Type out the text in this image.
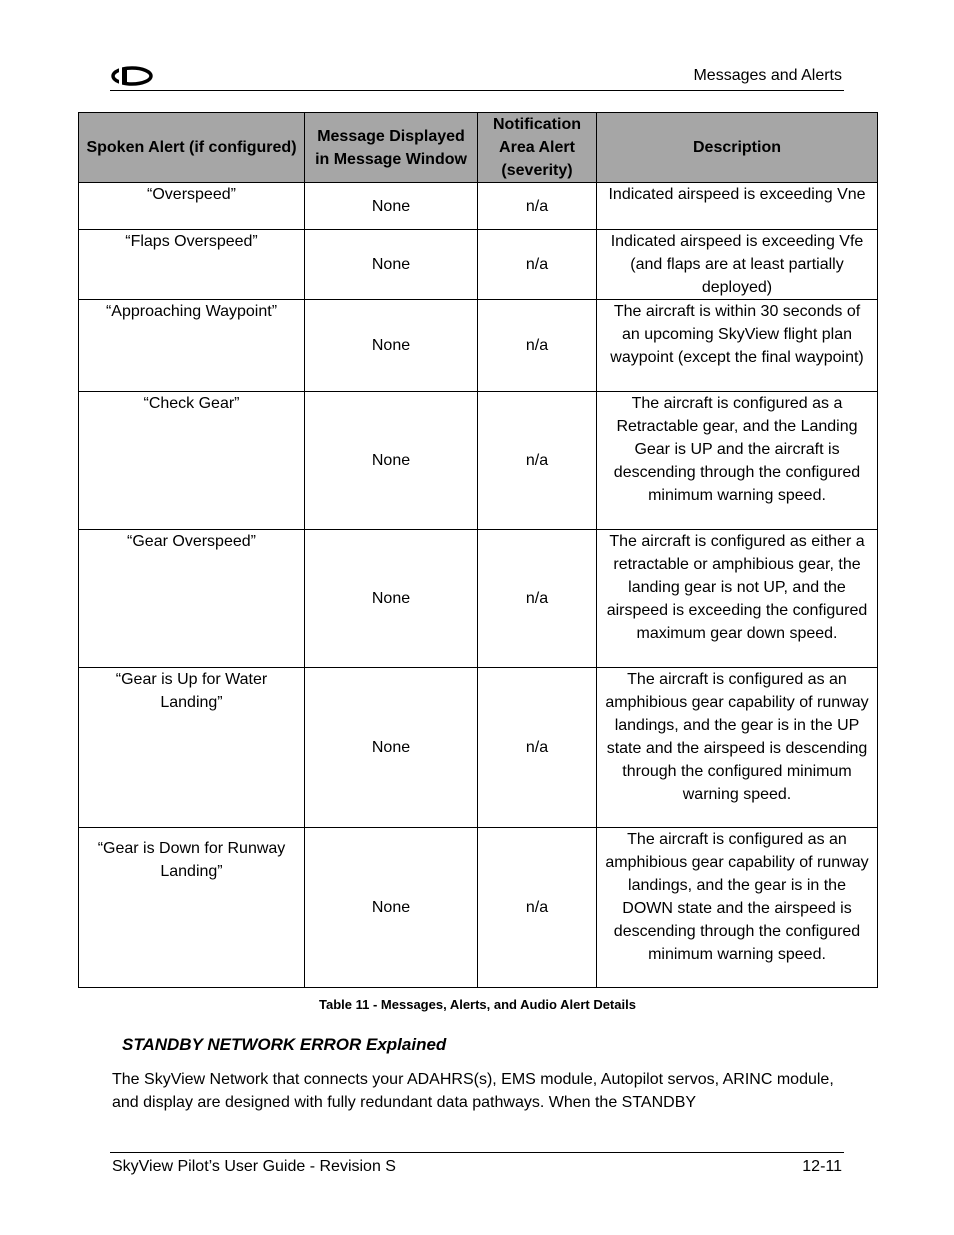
Messages and Alerts
Spoken Alert (if configured)	Message Displayed in Message Window	Notification Area Alert (severity)	Description
“Overspeed”	None	n/a	Indicated airspeed is exceeding Vne
“Flaps Overspeed”	None	n/a	Indicated airspeed is exceeding Vfe (and flaps are at least partially deployed)
“Approaching Waypoint”	None	n/a	The aircraft is within 30 seconds of an upcoming SkyView flight plan waypoint (except the final waypoint)
“Check Gear”	None	n/a	The aircraft is configured as a Retractable gear, and the Landing Gear is UP and the aircraft is descending through the configured minimum warning speed.
“Gear Overspeed”	None	n/a	The aircraft is configured as either a retractable or amphibious gear, the landing gear is not UP, and the airspeed is exceeding the configured maximum gear down speed.
“Gear is Up for Water Landing”	None	n/a	The aircraft is configured as an amphibious gear capability of runway landings, and the gear is in the UP state and the airspeed is descending through the configured minimum warning speed.
“Gear is Down for Runway Landing”	None	n/a	The aircraft is configured as an amphibious gear capability of runway landings, and the gear is in the DOWN state and the airspeed is descending through the configured minimum warning speed.
Table 11 - Messages, Alerts, and Audio Alert Details
STANDBY NETWORK ERROR Explained
The SkyView Network that connects your ADAHRS(s), EMS module, Autopilot servos, ARINC module, and display are designed with fully redundant data pathways. When the STANDBY
SkyView Pilot’s User Guide - Revision S	12-11
